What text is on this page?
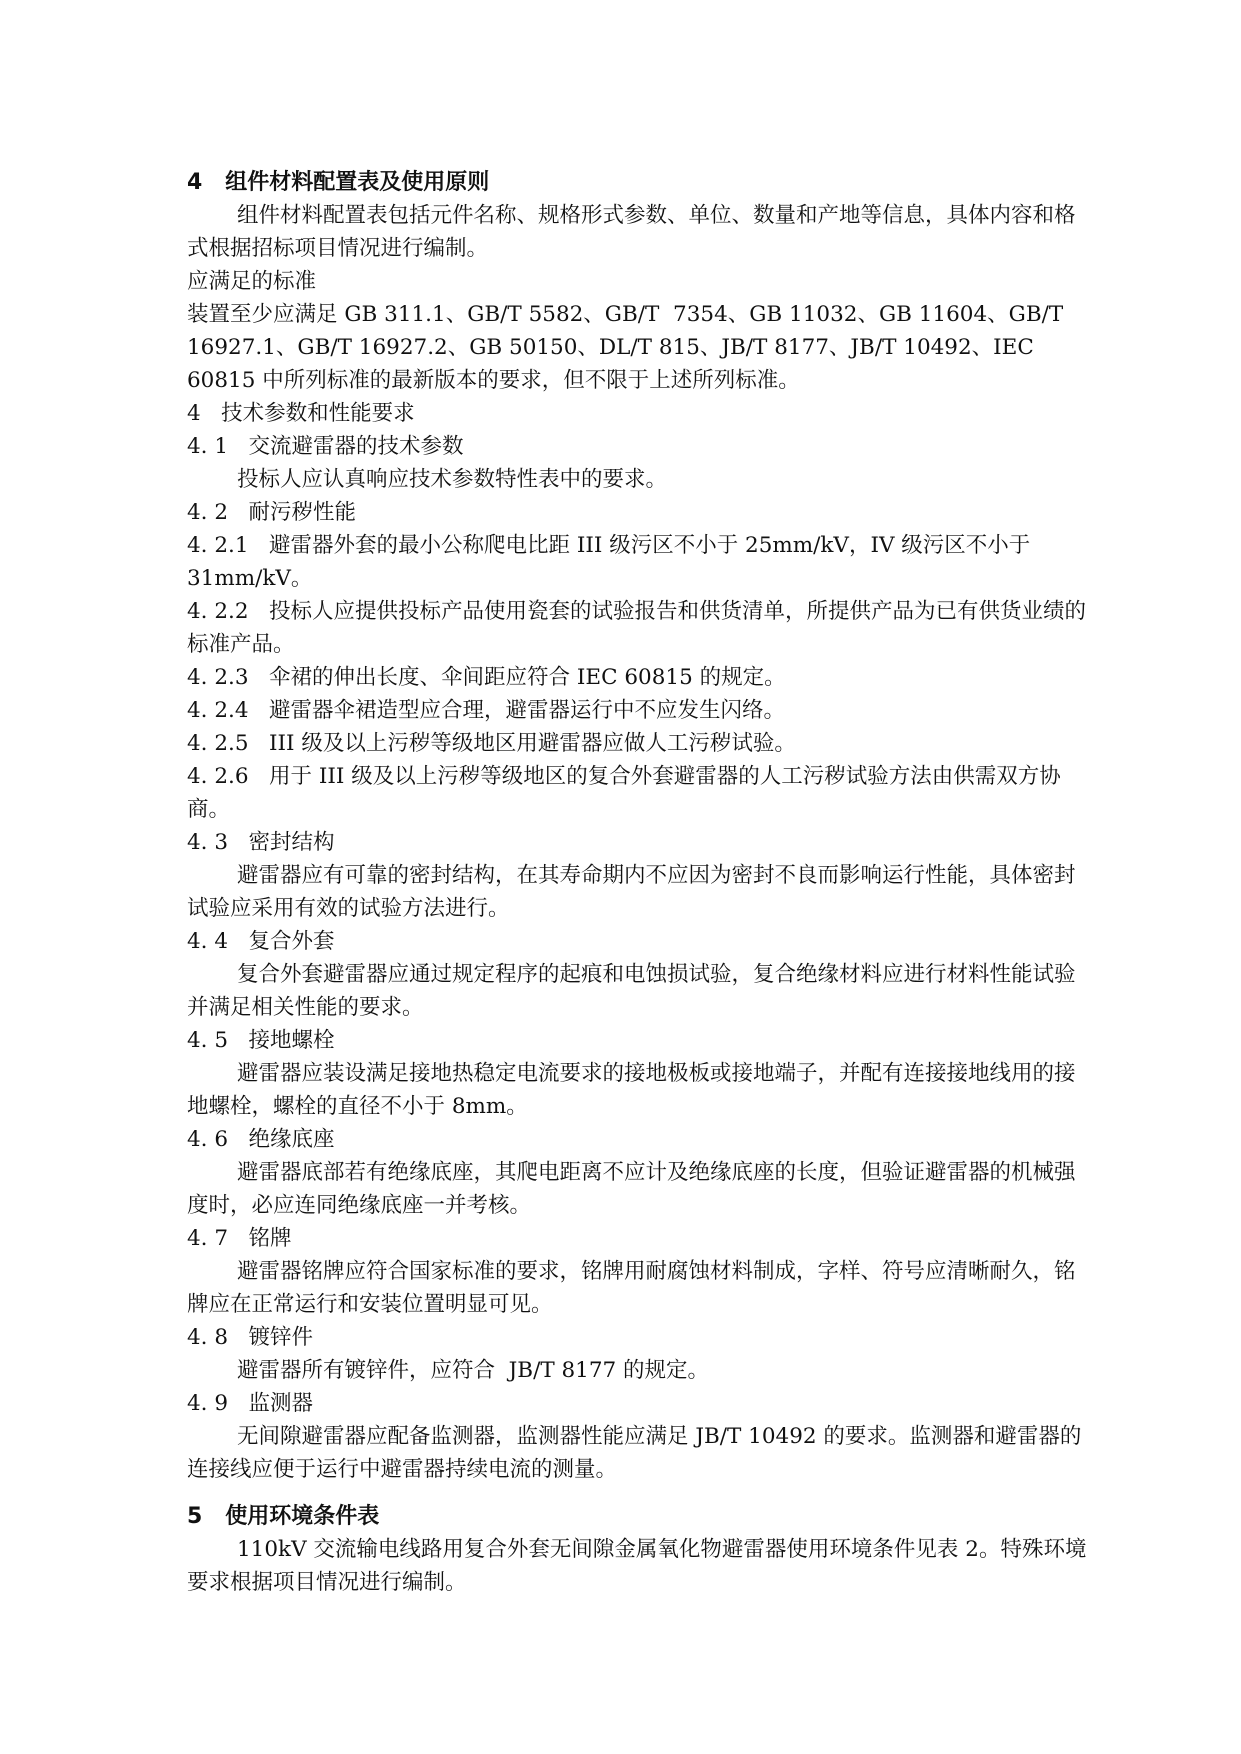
4   组件材料配置表及使用原则

组件材料配置表包括元件名称、规格形式参数、单位、数量和产地等信息，具体内容和格式根据招标项目情况进行编制。

应满足的标准

装置至少应满足 GB 311.1、GB/T 5582、GB/T  7354、GB 11032、GB 11604、GB/T 16927.1、GB/T 16927.2、GB 50150、DL/T 815、JB/T 8177、JB/T 10492、IEC 60815 中所列标准的最新版本的要求，但不限于上述所列标准。

4   技术参数和性能要求

4. 1   交流避雷器的技术参数

投标人应认真响应技术参数特性表中的要求。

4. 2   耐污秽性能

4. 2.1   避雷器外套的最小公称爬电比距 III 级污区不小于 25mm/kV，IV 级污区不小于 31mm/kV。

4. 2.2   投标人应提供投标产品使用瓷套的试验报告和供货清单，所提供产品为已有供货业绩的标准产品。

4. 2.3   伞裙的伸出长度、伞间距应符合 IEC 60815 的规定。

4. 2.4   避雷器伞裙造型应合理，避雷器运行中不应发生闪络。

4. 2.5   III 级及以上污秽等级地区用避雷器应做人工污秽试验。

4. 2.6   用于 III 级及以上污秽等级地区的复合外套避雷器的人工污秽试验方法由供需双方协商。

4. 3   密封结构

避雷器应有可靠的密封结构，在其寿命期内不应因为密封不良而影响运行性能，具体密封试验应采用有效的试验方法进行。

4. 4   复合外套

复合外套避雷器应通过规定程序的起痕和电蚀损试验，复合绝缘材料应进行材料性能试验并满足相关性能的要求。

4. 5   接地螺栓

避雷器应装设满足接地热稳定电流要求的接地极板或接地端子，并配有连接接地线用的接地螺栓，螺栓的直径不小于 8mm。

4. 6   绝缘底座

避雷器底部若有绝缘底座，其爬电距离不应计及绝缘底座的长度，但验证避雷器的机械强度时，必应连同绝缘底座一并考核。

4. 7   铭牌

避雷器铭牌应符合国家标准的要求，铭牌用耐腐蚀材料制成，字样、符号应清晰耐久，铭牌应在正常运行和安装位置明显可见。

4. 8   镀锌件

避雷器所有镀锌件，应符合  JB/T 8177 的规定。

4. 9   监测器

无间隙避雷器应配备监测器，监测器性能应满足 JB/T 10492 的要求。监测器和避雷器的连接线应便于运行中避雷器持续电流的测量。

5   使用环境条件表

110kV 交流输电线路用复合外套无间隙金属氧化物避雷器使用环境条件见表 2。特殊环境要求根据项目情况进行编制。
